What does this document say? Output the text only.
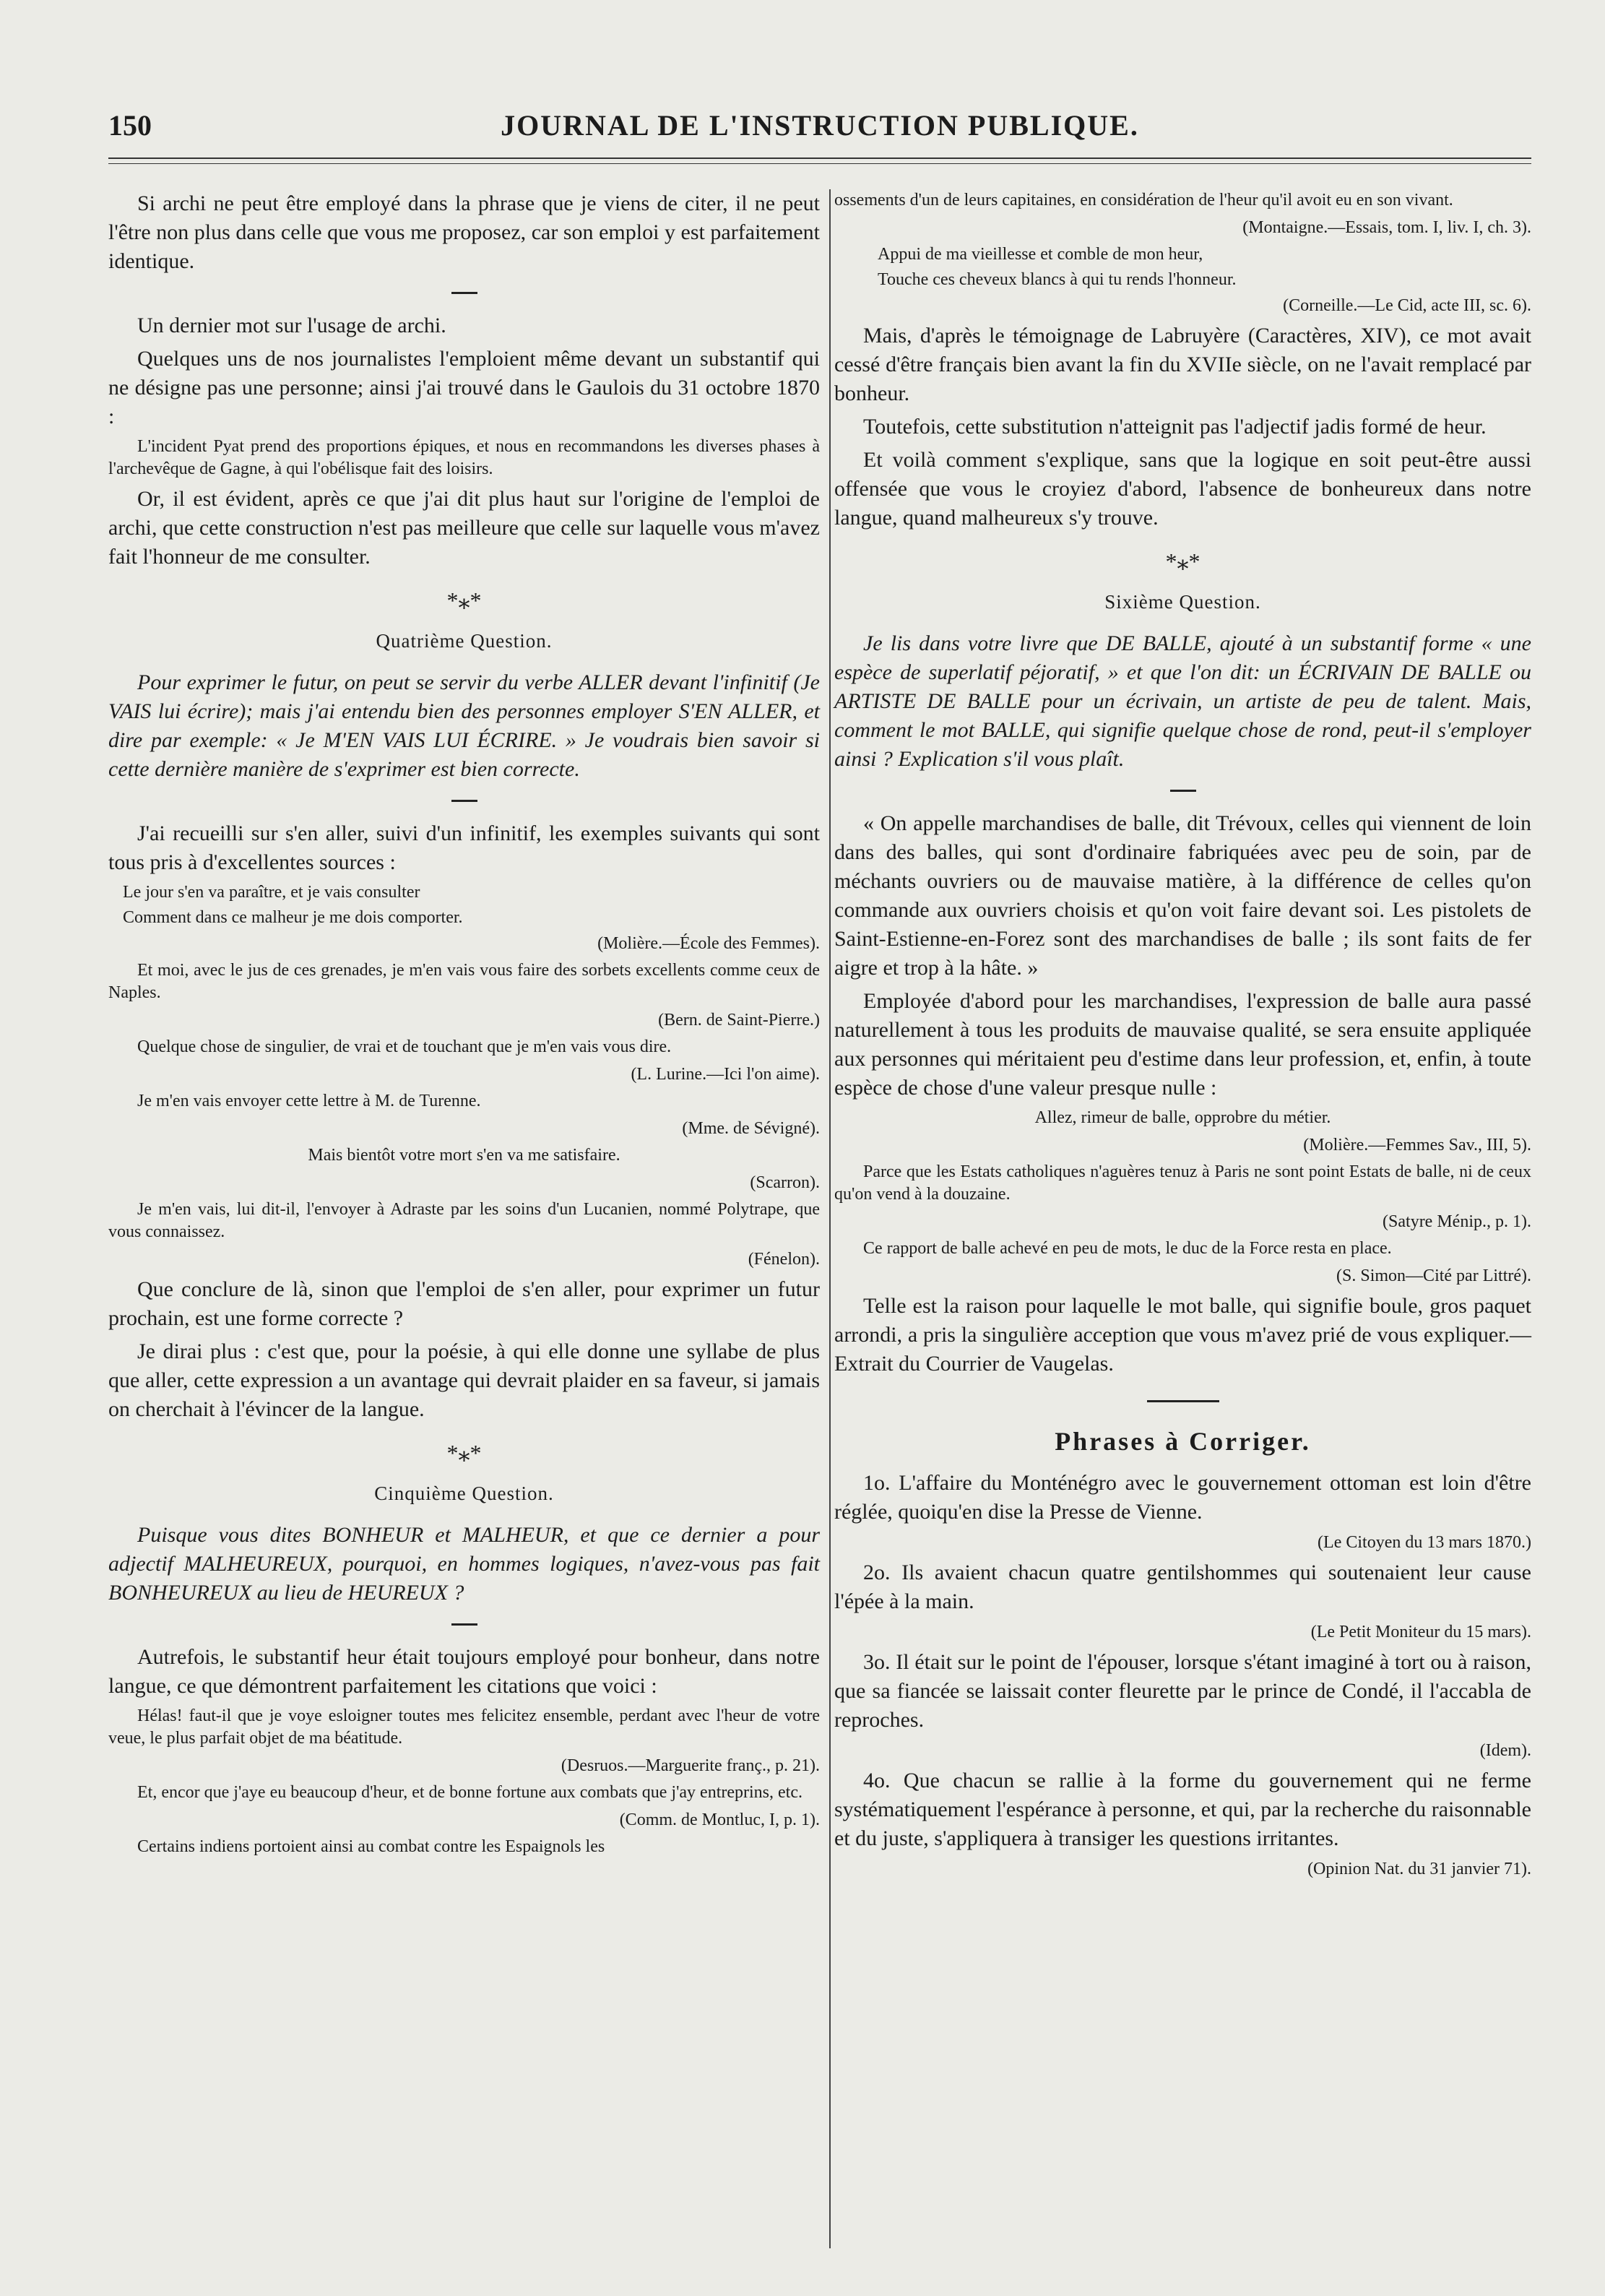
150	JOURNAL DE L'INSTRUCTION PUBLIQUE.

Si archi ne peut être employé dans la phrase que je viens de citer, il ne peut l'être non plus dans celle que vous me proposez, car son emploi y est parfaitement identique.

Un dernier mot sur l'usage de archi.

Quelques uns de nos journalistes l'emploient même devant un substantif qui ne désigne pas une personne; ainsi j'ai trouvé dans le Gaulois du 31 octobre 1870 :

L'incident Pyat prend des proportions épiques, et nous en recommandons les diverses phases à l'archevêque de Gagne, à qui l'obélisque fait des loisirs.

Or, il est évident, après ce que j'ai dit plus haut sur l'origine de l'emploi de archi, que cette construction n'est pas meilleure que celle sur laquelle vous m'avez fait l'honneur de me consulter.

*⁎*
Quatrième Question.

Pour exprimer le futur, on peut se servir du verbe ALLER devant l'infinitif (Je VAIS lui écrire); mais j'ai entendu bien des personnes employer S'EN ALLER, et dire par exemple: « Je M'EN VAIS LUI ÉCRIRE. » Je voudrais bien savoir si cette dernière manière de s'exprimer est bien correcte.

J'ai recueilli sur s'en aller, suivi d'un infinitif, les exemples suivants qui sont tous pris à d'excellentes sources :

Le jour s'en va paraître, et je vais consulter

Comment dans ce malheur je me dois comporter.

(Molière.—École des Femmes).

Et moi, avec le jus de ces grenades, je m'en vais vous faire des sorbets excellents comme ceux de Naples.

(Bern. de Saint-Pierre.)

Quelque chose de singulier, de vrai et de touchant que je m'en vais vous dire.

(L. Lurine.—Ici l'on aime).

Je m'en vais envoyer cette lettre à M. de Turenne.

(Mme. de Sévigné).

Mais bientôt votre mort s'en va me satisfaire.

(Scarron).

Je m'en vais, lui dit-il, l'envoyer à Adraste par les soins d'un Lucanien, nommé Polytrape, que vous connaissez.

(Fénelon).

Que conclure de là, sinon que l'emploi de s'en aller, pour exprimer un futur prochain, est une forme correcte ?

Je dirai plus : c'est que, pour la poésie, à qui elle donne une syllabe de plus que aller, cette expression a un avantage qui devrait plaider en sa faveur, si jamais on cherchait à l'évincer de la langue.

*⁎*
Cinquième Question.

Puisque vous dites BONHEUR et MALHEUR, et que ce dernier a pour adjectif MALHEUREUX, pourquoi, en hommes logiques, n'avez-vous pas fait BONHEUREUX au lieu de HEUREUX ?

Autrefois, le substantif heur était toujours employé pour bonheur, dans notre langue, ce que démontrent parfaitement les citations que voici :

Hélas! faut-il que je voye esloigner toutes mes felicitez ensemble, perdant avec l'heur de votre veue, le plus parfait objet de ma béatitude.

(Desruos.—Marguerite franç., p. 21).

Et, encor que j'aye eu beaucoup d'heur, et de bonne fortune aux combats que j'ay entreprins, etc.

(Comm. de Montluc, I, p. 1).

Certains indiens portoient ainsi au combat contre les Espaignols les

ossements d'un de leurs capitaines, en considération de l'heur qu'il avoit eu en son vivant.

(Montaigne.—Essais, tom. I, liv. I, ch. 3).

Appui de ma vieillesse et comble de mon heur,

Touche ces cheveux blancs à qui tu rends l'honneur.

(Corneille.—Le Cid, acte III, sc. 6).

Mais, d'après le témoignage de Labruyère (Caractères, XIV), ce mot avait cessé d'être français bien avant la fin du XVIIe siècle, on ne l'avait remplacé par bonheur.

Toutefois, cette substitution n'atteignit pas l'adjectif jadis formé de heur.

Et voilà comment s'explique, sans que la logique en soit peut-être aussi offensée que vous le croyiez d'abord, l'absence de bonheureux dans notre langue, quand malheureux s'y trouve.

*⁎*
Sixième Question.

Je lis dans votre livre que DE BALLE, ajouté à un substantif forme « une espèce de superlatif péjoratif, » et que l'on dit: un ÉCRIVAIN DE BALLE ou ARTISTE DE BALLE pour un écrivain, un artiste de peu de talent. Mais, comment le mot BALLE, qui signifie quelque chose de rond, peut-il s'employer ainsi ? Explication s'il vous plaît.

« On appelle marchandises de balle, dit Trévoux, celles qui viennent de loin dans des balles, qui sont d'ordinaire fabriquées avec peu de soin, par de méchants ouvriers ou de mauvaise matière, à la différence de celles qu'on commande aux ouvriers choisis et qu'on voit faire devant soi. Les pistolets de Saint-Estienne-en-Forez sont des marchandises de balle ; ils sont faits de fer aigre et trop à la hâte. »

Employée d'abord pour les marchandises, l'expression de balle aura passé naturellement à tous les produits de mauvaise qualité, se sera ensuite appliquée aux personnes qui méritaient peu d'estime dans leur profession, et, enfin, à toute espèce de chose d'une valeur presque nulle :

Allez, rimeur de balle, opprobre du métier.

(Molière.—Femmes Sav., III, 5).

Parce que les Estats catholiques n'aguères tenuz à Paris ne sont point Estats de balle, ni de ceux qu'on vend à la douzaine.

(Satyre Ménip., p. 1).

Ce rapport de balle achevé en peu de mots, le duc de la Force resta en place.

(S. Simon—Cité par Littré).

Telle est la raison pour laquelle le mot balle, qui signifie boule, gros paquet arrondi, a pris la singulière acception que vous m'avez prié de vous expliquer.—Extrait du Courrier de Vaugelas.

Phrases à Corriger.

1o. L'affaire du Monténégro avec le gouvernement ottoman est loin d'être réglée, quoiqu'en dise la Presse de Vienne.

(Le Citoyen du 13 mars 1870.)

2o. Ils avaient chacun quatre gentilshommes qui soutenaient leur cause l'épée à la main.

(Le Petit Moniteur du 15 mars).

3o. Il était sur le point de l'épouser, lorsque s'étant imaginé à tort ou à raison, que sa fiancée se laissait conter fleurette par le prince de Condé, il l'accabla de reproches.

(Idem).

4o. Que chacun se rallie à la forme du gouvernement qui ne ferme systématiquement l'espérance à personne, et qui, par la recherche du raisonnable et du juste, s'appliquera à transiger les questions irritantes.

(Opinion Nat. du 31 janvier 71).
